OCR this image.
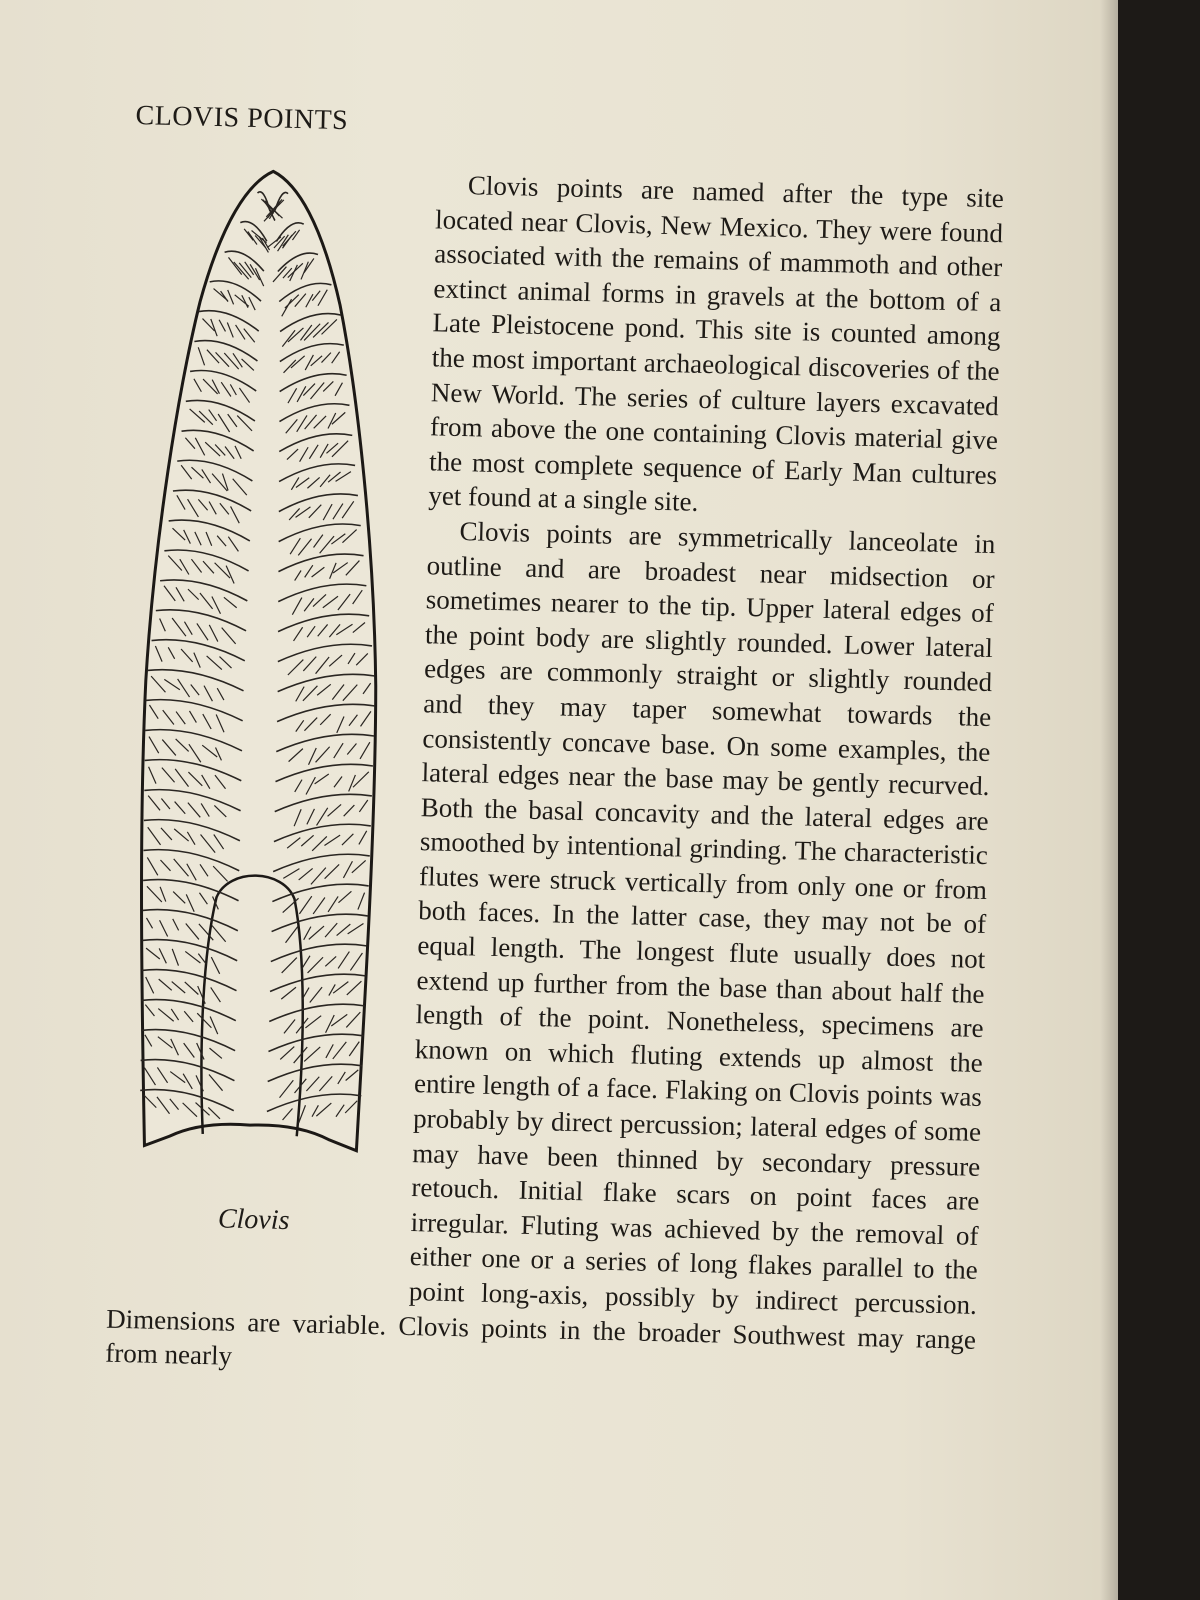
CLOVIS POINTS
Clovis

Clovis points are named after the type site located near Clovis, New Mexico. They were found associated with the remains of mammoth and other extinct animal forms in gravels at the bottom of a Late Pleistocene pond. This site is counted among the most important archaeological discoveries of the New World. The series of culture layers excavated from above the one containing Clovis material give the most complete sequence of Early Man cultures yet found at a single site.

Clovis points are symmetrically lanceolate in outline and are broadest near midsection or sometimes nearer to the tip. Upper lateral edges of the point body are slightly rounded. Lower lateral edges are commonly straight or slightly rounded and they may taper somewhat towards the consistently concave base. On some examples, the lateral edges near the base may be gently recurved. Both the basal concavity and the lateral edges are smoothed by intentional grinding. The characteristic flutes were struck vertically from only one or from both faces. In the latter case, they may not be of equal length. The longest flute usually does not extend up further from the base than about half the length of the point. Nonetheless, specimens are known on which fluting extends up almost the entire length of a face. Flaking on Clovis points was probably by direct percussion; lateral edges of some may have been thinned by secondary pressure retouch. Initial flake scars on point faces are irregular. Fluting was achieved by the removal of either one or a series of long flakes parallel to the point long-axis, possibly by indirect percussion. Dimensions are variable. Clovis points in the broader Southwest may range from nearly
